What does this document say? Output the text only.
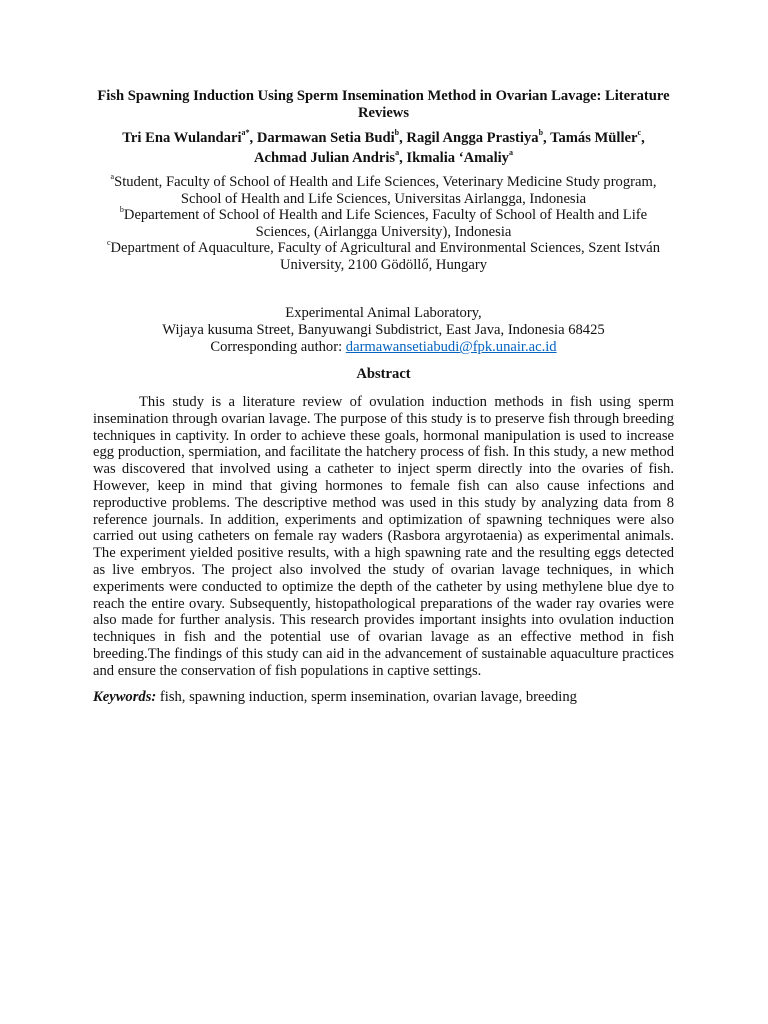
Fish Spawning Induction Using Sperm Insemination Method in Ovarian Lavage: Literature Reviews

Tri Ena Wulandari$^{a*}$, Darmawan Setia Budi$^b$, Ragil Angga Prastiya$^b$, Tamás Müller$^c$,
Achmad Julian Andris$^a$, Ikmalia ‘Amaliy$^a$

$^a$Student, Faculty of School of Health and Life Sciences, Veterinary Medicine Study program, School of Health and Life Sciences, Universitas Airlangga, Indonesia

$^b$Departement of School of Health and Life Sciences, Faculty of School of Health and Life Sciences, (Airlangga University), Indonesia

$^c$Department of Aquaculture, Faculty of Agricultural and Environmental Sciences, Szent István University, 2100 Gödöllő, Hungary

Experimental Animal Laboratory,
Wijaya kusuma Street, Banyuwangi Subdistrict, East Java, Indonesia 68425
Corresponding author: darmawansetiabudi@fpk.unair.ac.id

Abstract

This study is a literature review of ovulation induction methods in fish using sperm insemination through ovarian lavage. The purpose of this study is to preserve fish through breeding techniques in captivity. In order to achieve these goals, hormonal manipulation is used to increase egg production, spermiation, and facilitate the hatchery process of fish. In this study, a new method was discovered that involved using a catheter to inject sperm directly into the ovaries of fish. However, keep in mind that giving hormones to female fish can also cause infections and reproductive problems. The descriptive method was used in this study by analyzing data from 8 reference journals. In addition, experiments and optimization of spawning techniques were also carried out using catheters on female ray waders (Rasbora argyrotaenia) as experimental animals. The experiment yielded positive results, with a high spawning rate and the resulting eggs detected as live embryos. The project also involved the study of ovarian lavage techniques, in which experiments were conducted to optimize the depth of the catheter by using methylene blue dye to reach the entire ovary. Subsequently, histopathological preparations of the wader ray ovaries were also made for further analysis. This research provides important insights into ovulation induction techniques in fish and the potential use of ovarian lavage as an effective method in fish breeding.The findings of this study can aid in the advancement of sustainable aquaculture practices and ensure the conservation of fish populations in captive settings.

Keywords: fish, spawning induction, sperm insemination, ovarian lavage, breeding
